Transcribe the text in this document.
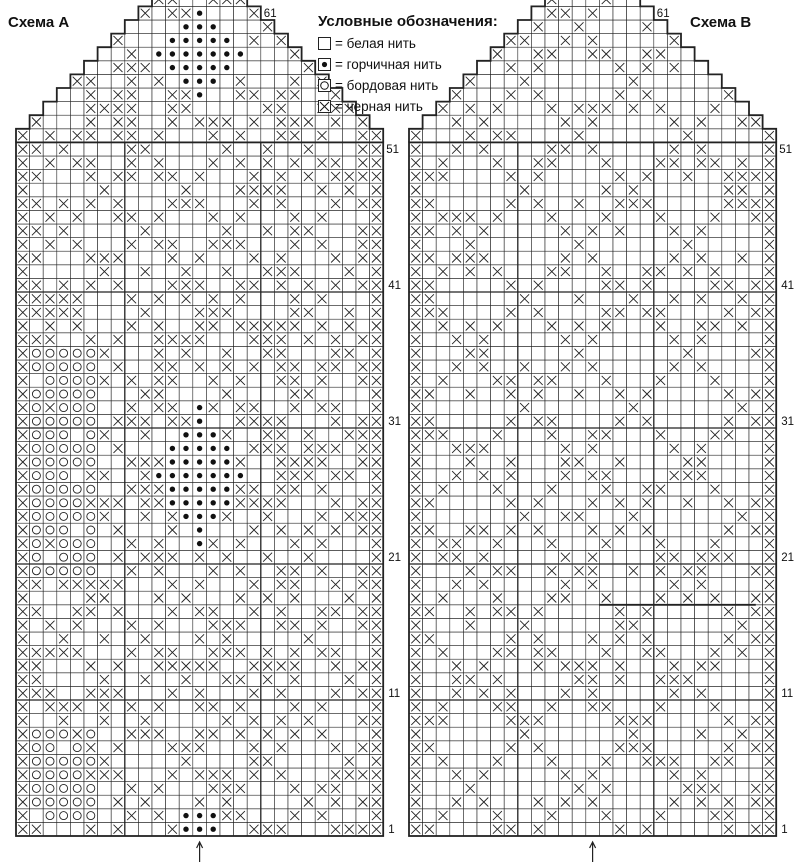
1
11
21
31
41
51
61
1
11
21
31
41
51
61
Схема А	Схема В
Условные обозначения:
= белая нить
= горчичная нить
= бордовая нить
= черная нить
